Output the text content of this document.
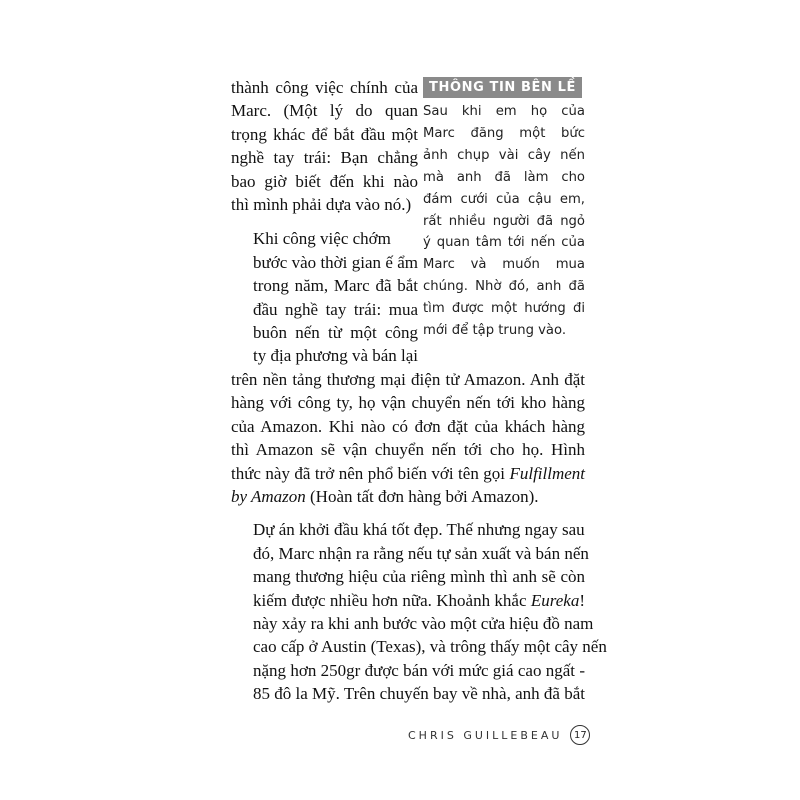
thành công việc chính của
Marc. (Một lý do quan
trọng khác để bắt đầu một
nghề tay trái: Bạn chẳng
bao giờ biết đến khi nào
thì mình phải dựa vào nó.)

Khi công việc chớm
bước vào thời gian ế ẩm
trong năm, Marc đã bắt
đầu nghề tay trái: mua
buôn nến từ một công
ty địa phương và bán lại

THÔNG TIN BÊN LỀ
Sau khi em họ của
Marc đăng một bức
ảnh chụp vài cây nến
mà anh đã làm cho
đám cưới của cậu em,
rất nhiều người đã ngỏ
ý quan tâm tới nến của
Marc và muốn mua
chúng. Nhờ đó, anh đã
tìm được một hướng đi
mới để tập trung vào.

trên nền tảng thương mại điện tử Amazon. Anh đặt
hàng với công ty, họ vận chuyển nến tới kho hàng
của Amazon. Khi nào có đơn đặt của khách hàng
thì Amazon sẽ vận chuyển nến tới cho họ. Hình
thức này đã trở nên phổ biến với tên gọi Fulfillment
by Amazon (Hoàn tất đơn hàng bởi Amazon).

Dự án khởi đầu khá tốt đẹp. Thế nhưng ngay sau
đó, Marc nhận ra rằng nếu tự sản xuất và bán nến
mang thương hiệu của riêng mình thì anh sẽ còn
kiếm được nhiều hơn nữa. Khoảnh khắc Eureka!
này xảy ra khi anh bước vào một cửa hiệu đồ nam
cao cấp ở Austin (Texas), và trông thấy một cây nến
nặng hơn 250gr được bán với mức giá cao ngất -
85 đô la Mỹ. Trên chuyến bay về nhà, anh đã bắt

CHRIS GUILLEBEAU	17
